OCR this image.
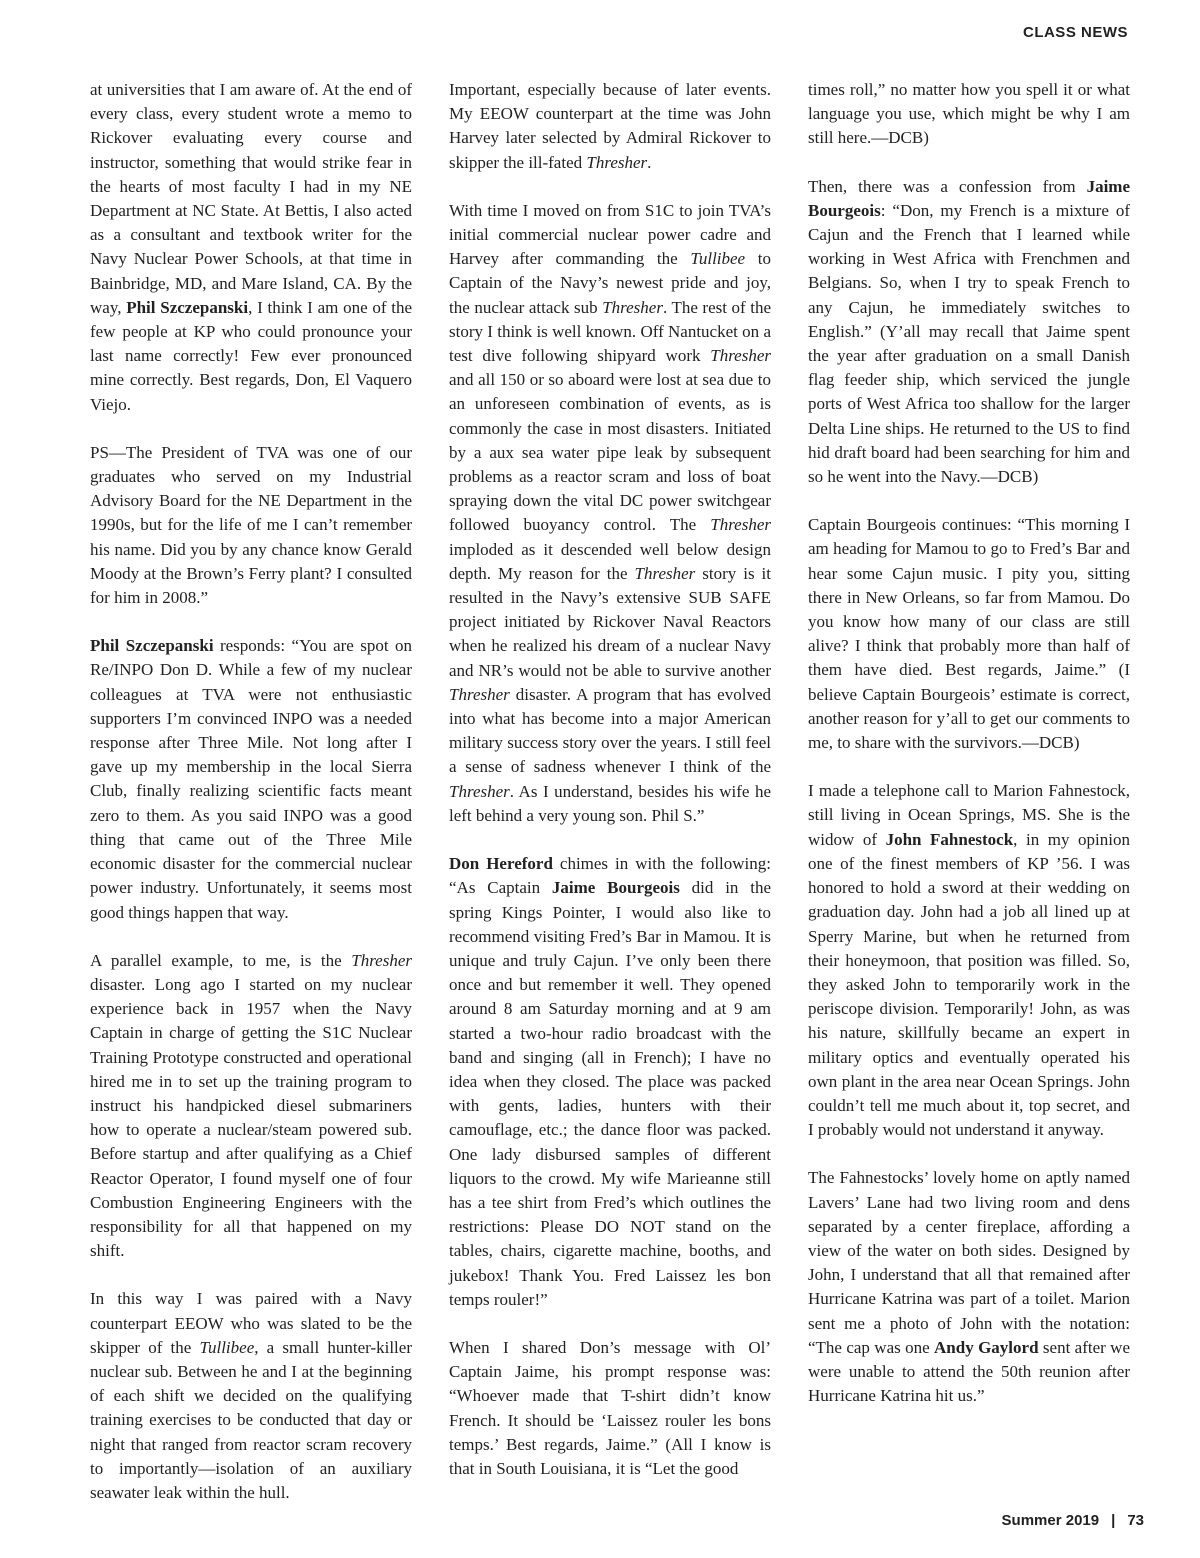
CLASS NEWS

at universities that I am aware of. At the end of every class, every student wrote a memo to Rickover evaluating every course and instructor, something that would strike fear in the hearts of most faculty I had in my NE Department at NC State. At Bettis, I also acted as a consultant and textbook writer for the Navy Nuclear Power Schools, at that time in Bainbridge, MD, and Mare Island, CA. By the way, Phil Szczepanski, I think I am one of the few people at KP who could pronounce your last name correctly! Few ever pronounced mine correctly. Best regards, Don, El Vaquero Viejo.

PS—The President of TVA was one of our graduates who served on my Industrial Advisory Board for the NE Department in the 1990s, but for the life of me I can’t remember his name. Did you by any chance know Gerald Moody at the Brown’s Ferry plant? I consulted for him in 2008.”

Phil Szczepanski responds: “You are spot on Re/INPO Don D. While a few of my nuclear colleagues at TVA were not enthusiastic supporters I’m convinced INPO was a needed response after Three Mile. Not long after I gave up my membership in the local Sierra Club, finally realizing scientific facts meant zero to them. As you said INPO was a good thing that came out of the Three Mile economic disaster for the commercial nuclear power industry. Unfortunately, it seems most good things happen that way.

A parallel example, to me, is the Thresher disaster. Long ago I started on my nuclear experience back in 1957 when the Navy Captain in charge of getting the S1C Nuclear Training Prototype constructed and operational hired me in to set up the training program to instruct his handpicked diesel submariners how to operate a nuclear/steam powered sub. Before startup and after qualifying as a Chief Reactor Operator, I found myself one of four Combustion Engineering Engineers with the responsibility for all that happened on my shift.

In this way I was paired with a Navy counterpart EEOW who was slated to be the skipper of the Tullibee, a small hunter-killer nuclear sub. Between he and I at the beginning of each shift we decided on the qualifying training exercises to be conducted that day or night that ranged from reactor scram recovery to importantly—isolation of an auxiliary seawater leak within the hull.

Important, especially because of later events. My EEOW counterpart at the time was John Harvey later selected by Admiral Rickover to skipper the ill-fated Thresher.

With time I moved on from S1C to join TVA’s initial commercial nuclear power cadre and Harvey after commanding the Tullibee to Captain of the Navy’s newest pride and joy, the nuclear attack sub Thresher. The rest of the story I think is well known. Off Nantucket on a test dive following shipyard work Thresher and all 150 or so aboard were lost at sea due to an unforeseen combination of events, as is commonly the case in most disasters. Initiated by a aux sea water pipe leak by subsequent problems as a reactor scram and loss of boat spraying down the vital DC power switchgear followed buoyancy control. The Thresher imploded as it descended well below design depth. My reason for the Thresher story is it resulted in the Navy’s extensive SUB SAFE project initiated by Rickover Naval Reactors when he realized his dream of a nuclear Navy and NR’s would not be able to survive another Thresher disaster. A program that has evolved into what has become into a major American military success story over the years. I still feel a sense of sadness whenever I think of the Thresher. As I understand, besides his wife he left behind a very young son. Phil S.”

Don Hereford chimes in with the following: “As Captain Jaime Bourgeois did in the spring Kings Pointer, I would also like to recommend visiting Fred’s Bar in Mamou. It is unique and truly Cajun. I’ve only been there once and but remember it well. They opened around 8 am Saturday morning and at 9 am started a two-hour radio broadcast with the band and singing (all in French); I have no idea when they closed. The place was packed with gents, ladies, hunters with their camouflage, etc.; the dance floor was packed. One lady disbursed samples of different liquors to the crowd. My wife Marieanne still has a tee shirt from Fred’s which outlines the restrictions: Please DO NOT stand on the tables, chairs, cigarette machine, booths, and jukebox! Thank You. Fred Laissez les bon temps rouler!”

When I shared Don’s message with Ol’ Captain Jaime, his prompt response was: “Whoever made that T-shirt didn’t know French. It should be ‘Laissez rouler les bons temps.’ Best regards, Jaime.” (All I know is that in South Louisiana, it is “Let the good

times roll,” no matter how you spell it or what language you use, which might be why I am still here.—DCB)

Then, there was a confession from Jaime Bourgeois: “Don, my French is a mixture of Cajun and the French that I learned while working in West Africa with Frenchmen and Belgians. So, when I try to speak French to any Cajun, he immediately switches to English.” (Y’all may recall that Jaime spent the year after graduation on a small Danish flag feeder ship, which serviced the jungle ports of West Africa too shallow for the larger Delta Line ships. He returned to the US to find hid draft board had been searching for him and so he went into the Navy.—DCB)

Captain Bourgeois continues: “This morning I am heading for Mamou to go to Fred’s Bar and hear some Cajun music. I pity you, sitting there in New Orleans, so far from Mamou. Do you know how many of our class are still alive? I think that probably more than half of them have died. Best regards, Jaime.” (I believe Captain Bourgeois’ estimate is correct, another reason for y’all to get our comments to me, to share with the survivors.—DCB)

I made a telephone call to Marion Fahnestock, still living in Ocean Springs, MS. She is the widow of John Fahnestock, in my opinion one of the finest members of KP ’56. I was honored to hold a sword at their wedding on graduation day. John had a job all lined up at Sperry Marine, but when he returned from their honeymoon, that position was filled. So, they asked John to temporarily work in the periscope division. Temporarily! John, as was his nature, skillfully became an expert in military optics and eventually operated his own plant in the area near Ocean Springs. John couldn’t tell me much about it, top secret, and I probably would not understand it anyway.

The Fahnestocks’ lovely home on aptly named Lavers’ Lane had two living room and dens separated by a center fireplace, affording a view of the water on both sides. Designed by John, I understand that all that remained after Hurricane Katrina was part of a toilet. Marion sent me a photo of John with the notation: “The cap was one Andy Gaylord sent after we were unable to attend the 50th reunion after Hurricane Katrina hit us.”

Summer 2019 | 73
